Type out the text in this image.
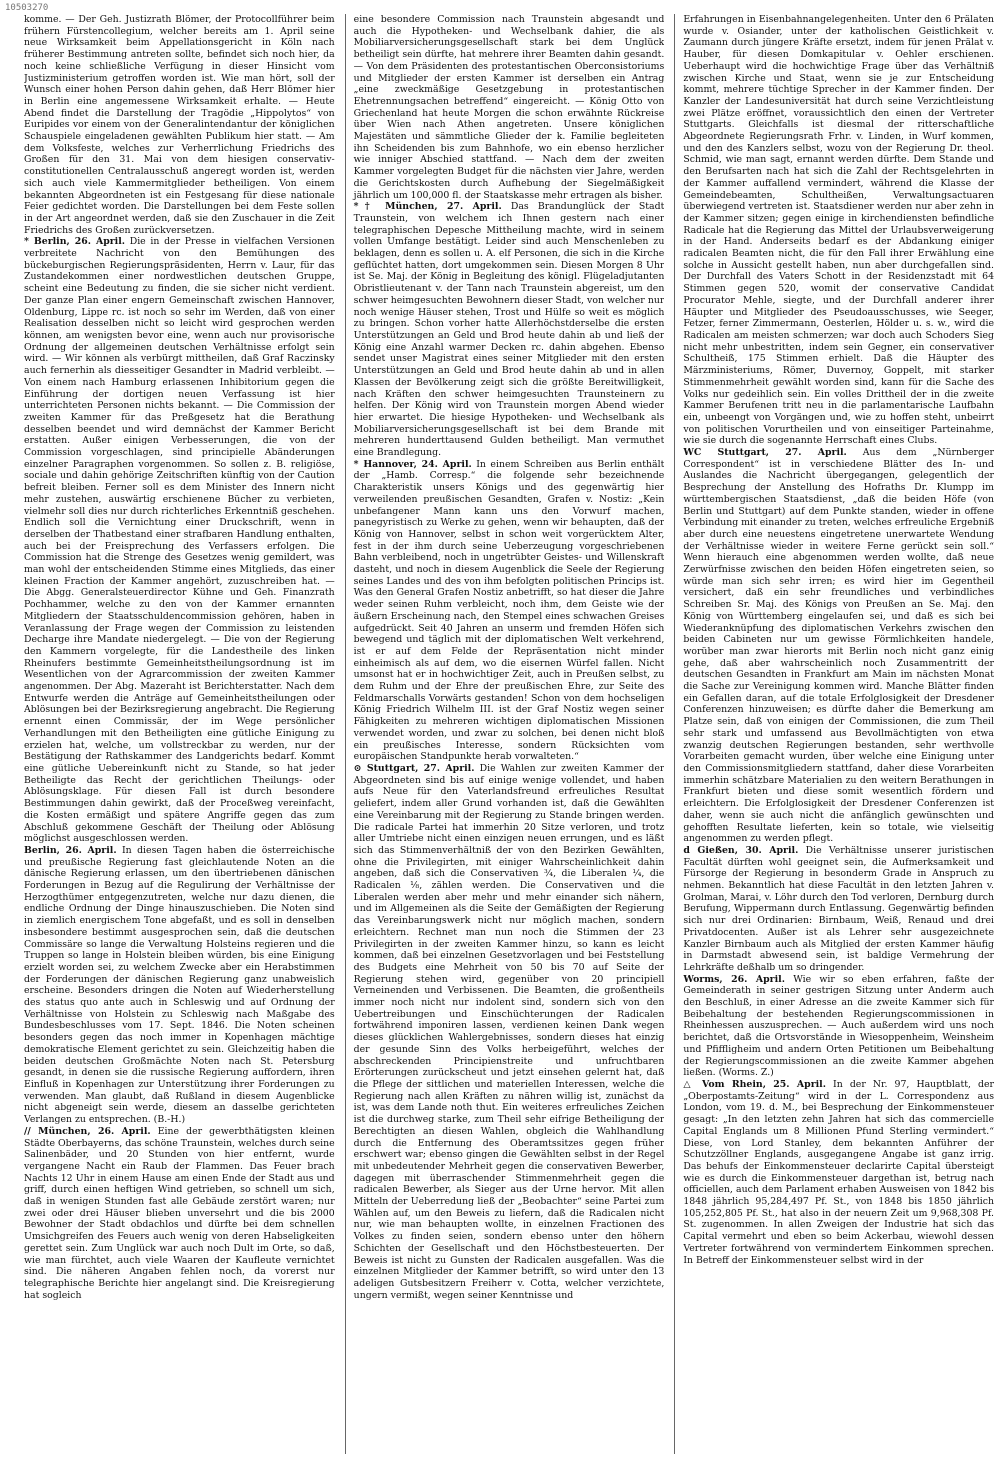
10503270

komme. — Der Geh. Justizrath Blömer, der Protocollführer beim frühern Fürstencollegium, welcher bereits am 1. April seine neue Wirksamkeit beim Appellationsgericht in Köln nach früherer Bestimmung antreten sollte, befindet sich noch hier, da noch keine schließliche Verfügung in dieser Hinsicht vom Justizministerium getroffen worden ist. Wie man hört, soll der Wunsch einer hohen Person dahin gehen, daß Herr Blömer hier in Berlin eine angemessene Wirksamkeit erhalte. — Heute Abend findet die Darstellung der Tragödie „Hippolytos“ von Euripides vor einem von der Generalintendantur der königlichen Schauspiele eingeladenen gewählten Publikum hier statt. — Am dem Volksfeste, welches zur Verherrlichung Friedrichs des Großen für den 31. Mai von dem hiesigen conservativ-constitutionellen Centralausschuß angeregt worden ist, werden sich auch viele Kammermitglieder betheiligen. Von einem bekannten Abgeordneten ist ein Festgesang für diese nationale Feier gedichtet worden. Die Darstellungen bei dem Feste sollen in der Art angeordnet werden, daß sie den Zuschauer in die Zeit Friedrichs des Großen zurückversetzen.

* Berlin, 26. April. Die in der Presse in vielfachen Versionen verbreitete Nachricht von den Bemühungen des bückeburgischen Regierungspräsidenten, Herrn v. Laur, für das Zustandekommen einer nordwestlichen deutschen Gruppe, scheint eine Bedeutung zu finden, die sie sicher nicht verdient. Der ganze Plan einer engern Gemeinschaft zwischen Hannover, Oldenburg, Lippe rc. ist noch so sehr im Werden, daß von einer Realisation desselben nicht so leicht wird gesprochen werden können, am wenigsten bevor eine, wenn auch nur provisorische Ordnung der allgemeinen deutschen Verhältnisse erfolgt sein wird. — Wir können als verbürgt mittheilen, daß Graf Raczinsky auch fernerhin als diesseitiger Gesandter in Madrid verbleibt. — Von einem nach Hamburg erlassenen Inhibitorium gegen die Einführung der dortigen neuen Verfassung ist hier unterrichteten Personen nichts bekannt. — Die Commission der zweiten Kammer für das Preßgesetz hat die Berathung desselben beendet und wird demnächst der Kammer Bericht erstatten. Außer einigen Verbesserungen, die von der Commission vorgeschlagen, sind principielle Abänderungen einzelner Paragraphen vorgenommen. So sollen z. B. religiöse, sociale und dahin gehörige Zeitschriften künftig von der Caution befreit bleiben. Ferner soll es dem Minister des Innern nicht mehr zustehen, auswärtig erschienene Bücher zu verbieten, vielmehr soll dies nur durch richterliches Erkenntniß geschehen. Endlich soll die Vernichtung einer Druckschrift, wenn in derselben der Thatbestand einer strafbaren Handlung enthalten, auch bei der Freisprechung des Verfassers erfolgen. Die Commission hat die Strenge des Gesetzes wenig gemildert, was man wohl der entscheidenden Stimme eines Mitglieds, das einer kleinen Fraction der Kammer angehört, zuzuschreiben hat. — Die Abgg. Generalsteuerdirector Kühne und Geh. Finanzrath Pochhammer, welche zu den von der Kammer ernannten Mitgliedern der Staatsschuldencommission gehören, haben in Veranlassung der Frage wegen der Commission zu leistenden Decharge ihre Mandate niedergelegt. — Die von der Regierung den Kammern vorgelegte, für die Landestheile des linken Rheinufers bestimmte Gemeinheitstheilungsordnung ist im Wesentlichen von der Agrarcommission der zweiten Kammer angenommen. Der Abg. Mazeraht ist Berichterstatter. Nach dem Entwurfe werden die Anträge auf Gemeinheitstheilungen oder Ablösungen bei der Bezirksregierung angebracht. Die Regierung ernennt einen Commissär, der im Wege persönlicher Verhandlungen mit den Betheiligten eine gütliche Einigung zu erzielen hat, welche, um vollstreckbar zu werden, nur der Bestätigung der Rathskammer des Landgerichts bedarf. Kommt eine gütliche Uebereinkunft nicht zu Stande, so hat jeder Betheiligte das Recht der gerichtlichen Theilungs- oder Ablösungsklage. Für diesen Fall ist durch besondere Bestimmungen dahin gewirkt, daß der Proceßweg vereinfacht, die Kosten ermäßigt und spätere Angriffe gegen das zum Abschluß gekommene Geschäft der Theilung oder Ablösung möglichst ausgeschlossen werden.

Berlin, 26. April. In diesen Tagen haben die österreichische und preußische Regierung fast gleichlautende Noten an die dänische Regierung erlassen, um den übertriebenen dänischen Forderungen in Bezug auf die Regulirung der Verhältnisse der Herzogthümer entgegenzutreten, welche nur dazu dienen, die endliche Ordnung der Dinge hinauszuschieben. Die Noten sind in ziemlich energischem Tone abgefaßt, und es soll in denselben insbesondere bestimmt ausgesprochen sein, daß die deutschen Commissäre so lange die Verwaltung Holsteins regieren und die Truppen so lange in Holstein bleiben würden, bis eine Einigung erzielt worden sei, zu welchem Zwecke aber ein Herabstimmen der Forderungen der dänischen Regierung ganz unabweislich erscheine. Besonders dringen die Noten auf Wiederherstellung des status quo ante auch in Schleswig und auf Ordnung der Verhältnisse von Holstein zu Schleswig nach Maßgabe des Bundesbeschlusses vom 17. Sept. 1846. Die Noten scheinen besonders gegen das noch immer in Kopenhagen mächtige demokratische Element gerichtet zu sein. Gleichzeitig haben die beiden deutschen Großmächte Noten nach St. Petersburg gesandt, in denen sie die russische Regierung auffordern, ihren Einfluß in Kopenhagen zur Unterstützung ihrer Forderungen zu verwenden. Man glaubt, daß Rußland in diesem Augenblicke nicht abgeneigt sein werde, diesem an dasselbe gerichteten Verlangen zu entsprechen. (B.-H.)

// München, 26. April. Eine der gewerbthätigsten kleinen Städte Oberbayerns, das schöne Traunstein, welches durch seine Salinenbäder, und 20 Stunden von hier entfernt, wurde vergangene Nacht ein Raub der Flammen. Das Feuer brach Nachts 12 Uhr in einem Hause am einen Ende der Stadt aus und griff, durch einen heftigen Wind getrieben, so schnell um sich, daß in wenigen Stunden fast alle Gebäude zerstört waren; nur zwei oder drei Häuser blieben unversehrt und die bis 2000 Bewohner der Stadt obdachlos und dürfte bei dem schnellen Umsichgreifen des Feuers auch wenig von deren Habseligkeiten gerettet sein. Zum Unglück war auch noch Dult im Orte, so daß, wie man fürchtet, auch viele Waaren der Kaufleute vernichtet sind. Die näheren Angaben fehlen noch, da vorerst nur telegraphische Berichte hier angelangt sind. Die Kreisregierung hat sogleich

eine besondere Commission nach Traunstein abgesandt und auch die Hypotheken- und Wechselbank dahier, die als Mobiliarversicherungsgesellschaft stark bei dem Unglück betheiligt sein dürfte, hat mehrere ihrer Beamten dahin gesandt. — Von dem Präsidenten des protestantischen Oberconsistoriums und Mitglieder der ersten Kammer ist derselben ein Antrag „eine zweckmäßige Gesetzgebung in protestantischen Ehetrennungsachen betreffend“ eingereicht. — König Otto von Griechenland hat heute Morgen die schon erwähnte Rückreise über Wien nach Athen angetreten. Unsere königlichen Majestäten und sämmtliche Glieder der k. Familie begleiteten ihn Scheidenden bis zum Bahnhofe, wo ein ebenso herzlicher wie inniger Abschied stattfand. — Nach dem der zweiten Kammer vorgelegten Budget für die nächsten vier Jahre, werden die Gerichtskosten durch Aufhebung der Siegelmäßigkeit jährlich um 100,000 fl. der Staatskasse mehr ertragen als bisher.

*† München, 27. April. Das Brandunglück der Stadt Traunstein, von welchem ich Ihnen gestern nach einer telegraphischen Depesche Mittheilung machte, wird in seinem vollen Umfange bestätigt. Leider sind auch Menschenleben zu beklagen, denn es sollen u. A. elf Personen, die sich in die Kirche geflüchtet hatten, dort umgekommen sein. Diesen Morgen 8 Uhr ist Se. Maj. der König in Begleitung des königl. Flügeladjutanten Obristlieutenant v. der Tann nach Traunstein abgereist, um den schwer heimgesuchten Bewohnern dieser Stadt, von welcher nur noch wenige Häuser stehen, Trost und Hülfe so weit es möglich zu bringen. Schon vorher hatte Allerhöchstderselbe die ersten Unterstützungen an Geld und Brod heute dahin ab und ließ der König eine Anzahl warmer Decken rc. dahin abgehen. Ebenso sendet unser Magistrat eines seiner Mitglieder mit den ersten Unterstützungen an Geld und Brod heute dahin ab und in allen Klassen der Bevölkerung zeigt sich die größte Bereitwilligkeit, nach Kräften den schwer heimgesuchten Traunsteinern zu helfen. Der König wird von Traunstein morgen Abend wieder hier erwartet. Die hiesige Hypotheken- und Wechselbank als Mobiliarversicherungsgesellschaft ist bei dem Brande mit mehreren hunderttausend Gulden betheiligt. Man vermuthet eine Brandlegung.

* Hannover, 24. April. In einem Schreiben aus Berlin enthält der „Hamb. Corresp.“ die folgende sehr bezeichnende Charakteristik unsers Königs und des gegenwärtig hier verweilenden preußischen Gesandten, Grafen v. Nostiz: „Kein unbefangener Mann kann uns den Vorwurf machen, panegyristisch zu Werke zu gehen, wenn wir behaupten, daß der König von Hannover, selbst in schon weit vorgerücktem Alter, fest in der ihm durch seine Ueberzeugung vorgeschriebenen Bahn verbleibend, noch in ungetrübter Geistes- und Willenskraft dasteht, und noch in diesem Augenblick die Seele der Regierung seines Landes und des von ihm befolgten politischen Princips ist. Was den General Grafen Nostiz anbetrifft, so hat dieser die Jahre weder seinen Ruhm verbleicht, noch ihm, dem Geiste wie der äußern Erscheinung nach, den Stempel eines schwachen Greises aufgedrückt. Seit 40 Jahren an unserm und fremden Höfen sich bewegend und täglich mit der diplomatischen Welt verkehrend, ist er auf dem Felde der Repräsentation nicht minder einheimisch als auf dem, wo die eisernen Würfel fallen. Nicht umsonst hat er in hochwichtiger Zeit, auch in Preußen selbst, zu dem Ruhm und der Ehre der preußischen Ehre, zur Seite des Feldmarschalls Vorwärts gestanden! Schon von dem hochseligen König Friedrich Wilhelm III. ist der Graf Nostiz wegen seiner Fähigkeiten zu mehreren wichtigen diplomatischen Missionen verwendet worden, und zwar zu solchen, bei denen nicht bloß ein preußisches Interesse, sondern Rücksichten vom europäischen Standpunkte herab vorwalteten.“

⊙ Stuttgart, 27. April. Die Wahlen zur zweiten Kammer der Abgeordneten sind bis auf einige wenige vollendet, und haben aufs Neue für den Vaterlandsfreund erfreuliches Resultat geliefert, indem aller Grund vorhanden ist, daß die Gewählten eine Vereinbarung mit der Regierung zu Stande bringen werden. Die radicale Partei hat immerhin 20 Sitze verloren, und trotz aller Umtriebe nicht einen einzigen neuen errungen, und es läßt sich das Stimmenverhältniß der von den Bezirken Gewählten, ohne die Privilegirten, mit einiger Wahrscheinlichkeit dahin angeben, daß sich die Conservativen ¾, die Liberalen ¼, die Radicalen ⅛, zählen werden. Die Conservativen und die Liberalen werden aber mehr und mehr einander sich nähern, und im Allgemeinen als die Seite der Gemäßigten der Regierung das Vereinbarungswerk nicht nur möglich machen, sondern erleichtern. Rechnet man nun noch die Stimmen der 23 Privilegirten in der zweiten Kammer hinzu, so kann es leicht kommen, daß bei einzelnen Gesetzvorlagen und bei Feststellung des Budgets eine Mehrheit von 50 bis 70 auf Seite der Regierung stehen wird, gegenüber von 20 principiell Verneinenden und Verbissenen. Die Beamten, die großentheils immer noch nicht nur indolent sind, sondern sich von den Uebertreibungen und Einschüchterungen der Radicalen fortwährend imponiren lassen, verdienen keinen Dank wegen dieses glücklichen Wahlergebnisses, sondern dieses hat einzig der gesunde Sinn des Volks herbeigeführt, welches der abschreckenden Principienstreite und unfruchtbaren Erörterungen zurückscheut und jetzt einsehen gelernt hat, daß die Pflege der sittlichen und materiellen Interessen, welche die Regierung nach allen Kräften zu nähren willig ist, zunächst da ist, was dem Lande noth thut. Ein weiteres erfreuliches Zeichen ist die durchweg starke, zum Theil sehr eifrige Betheiligung der Berechtigten an diesen Wahlen, obgleich die Wahlhandlung durch die Entfernung des Oberamtssitzes gegen früher erschwert war; ebenso gingen die Gewählten selbst in der Regel mit unbedeutender Mehrheit gegen die conservativen Bewerber, dagegen mit überraschender Stimmenmehrheit gegen die radicalen Bewerber, als Sieger aus der Urne hervor. Mit allen Mitteln der Ueberredung ließ der „Beobachter“ seine Partei zum Wählen auf, um den Beweis zu liefern, daß die Radicalen nicht nur, wie man behaupten wollte, in einzelnen Fractionen des Volkes zu finden seien, sondern ebenso unter den höhern Schichten der Gesellschaft und den Höchstbesteuerten. Der Beweis ist nicht zu Gunsten der Radicalen ausgefallen. Was die einzelnen Mitglieder der Kammer betrifft, so wird unter den 13 adeligen Gutsbesitzern Freiherr v. Cotta, welcher verzichtete, ungern vermißt, wegen seiner Kenntnisse und

Erfahrungen in Eisenbahnangelegenheiten. Unter den 6 Prälaten wurde v. Osiander, unter der katholischen Geistlichkeit v. Zaumann durch jüngere Kräfte ersetzt, indem für jenen Prälat v. Hauber, für diesen Domkapitular v. Oehler erschienen. Ueberhaupt wird die hochwichtige Frage über das Verhältniß zwischen Kirche und Staat, wenn sie je zur Entscheidung kommt, mehrere tüchtige Sprecher in der Kammer finden. Der Kanzler der Landesuniversität hat durch seine Verzichtleistung zwei Plätze eröffnet, voraussichtlich den einen der Vertreter Stuttgarts. Gleichfalls ist diesmal der ritterschaftliche Abgeordnete Regierungsrath Frhr. v. Linden, in Wurf kommen, und den des Kanzlers selbst, wozu von der Regierung Dr. theol. Schmid, wie man sagt, ernannt werden dürfte. Dem Stande und den Berufsarten nach hat sich die Zahl der Rechtsgelehrten in der Kammer auffallend vermindert, während die Klasse der Gemeindebeamten, Schultheißen, Verwaltungsactuaren überwiegend vertreten ist. Staatsdiener werden nur aber zehn in der Kammer sitzen; gegen einige in kirchendiensten befindliche Radicale hat die Regierung das Mittel der Urlaubsverweigerung in der Hand. Anderseits bedarf es der Abdankung einiger radicalen Beamten nicht, die für den Fall ihrer Erwählung eine solche in Aussicht gestellt haben, nun aber durchgefallen sind. Der Durchfall des Vaters Schott in der Residenzstadt mit 64 Stimmen gegen 520, womit der conservative Candidat Procurator Mehle, siegte, und der Durchfall anderer ihrer Häupter und Mitglieder des Pseudoausschusses, wie Seeger, Fetzer, ferner Zimmermann, Oesterlen, Hölder u. s. w., wird die Radicalen am meisten schmerzen; war doch auch Schoders Sieg nicht mehr unbestritten, indem sein Gegner, ein conservativer Schultheiß, 175 Stimmen erhielt. Daß die Häupter des Märzministeriums, Römer, Duvernoy, Goppelt, mit starker Stimmenmehrheit gewählt worden sind, kann für die Sache des Volks nur gedeihlich sein. Ein volles Drittheil der in die zweite Kammer Berufenen tritt neu in die parlamentarische Laufbahn ein, unbeengt von Vorgängen und, wie zu hoffen steht, unbeirrt von politischen Vorurtheilen und von einseitiger Parteinahme, wie sie durch die sogenannte Herrschaft eines Clubs.

WC Stuttgart, 27. April. Aus dem „Nürnberger Correspondent“ ist in verschiedene Blätter des In- und Auslandes die Nachricht übergegangen, gelegentlich der Besprechung der Anstellung des Hofraths Dr. Klumpp im württembergischen Staatsdienst, „daß die beiden Höfe (von Berlin und Stuttgart) auf dem Punkte standen, wieder in offene Verbindung mit einander zu treten, welches erfreuliche Ergebniß aber durch eine neuestens eingetretene unerwartete Wendung der Verhältnisse wieder in weitere Ferne gerückt sein soll.“ Wenn hierauch eine abgenommen werden wollte, daß neue Zerwürfnisse zwischen den beiden Höfen eingetreten seien, so würde man sich sehr irren; es wird hier im Gegentheil versichert, daß ein sehr freundliches und verbindliches Schreiben Sr. Maj. des Königs von Preußen an Se. Maj. den König von Württemberg eingelaufen sei, und daß es sich bei Wiederanknüpfung des diplomatischen Verkehrs zwischen den beiden Cabineten nur um gewisse Förmlichkeiten handele, worüber man zwar hierorts mit Berlin noch nicht ganz einig gehe, daß aber wahrscheinlich noch Zusammentritt der deutschen Gesandten in Frankfurt am Main im nächsten Monat die Sache zur Vereinigung kommen wird. Manche Blätter finden ein Gefallen daran, auf die totale Erfolglosigkeit der Dresdener Conferenzen hinzuweisen; es dürfte daher die Bemerkung am Platze sein, daß von einigen der Commissionen, die zum Theil sehr stark und umfassend aus Bevollmächtigten von etwa zwanzig deutschen Regierungen bestanden, sehr werthvolle Vorarbeiten gemacht wurden, über welche eine Einigung unter den Commissionsmitgliedern stattfand, daher diese Vorarbeiten immerhin schätzbare Materialien zu den weitern Berathungen in Frankfurt bieten und diese somit wesentlich fördern und erleichtern. Die Erfolglosigkeit der Dresdener Conferenzen ist daher, wenn sie auch nicht die anfänglich gewünschten und gehofften Resultate lieferten, kein so totale, wie vielseitig angenommen zu werden pflegt.

d Gießen, 30. April. Die Verhältnisse unserer juristischen Facultät dürften wohl geeignet sein, die Aufmerksamkeit und Fürsorge der Regierung in besonderm Grade in Anspruch zu nehmen. Bekanntlich hat diese Facultät in den letzten Jahren v. Grolman, Marai, v. Löhr durch den Tod verloren, Dernburg durch Berufung, Wippermann durch Entlassung. Gegenwärtig befinden sich nur drei Ordinarien: Birnbaum, Weiß, Renaud und drei Privatdocenten. Außer ist als Lehrer sehr ausgezeichnete Kanzler Birnbaum auch als Mitglied der ersten Kammer häufig in Darmstadt abwesend sein, ist baldige Vermehrung der Lehrkräfte deßhalb um so dringender.

Worms, 26. April. Wie wir so eben erfahren, faßte der Gemeinderath in seiner gestrigen Sitzung unter Anderm auch den Beschluß, in einer Adresse an die zweite Kammer sich für Beibehaltung der bestehenden Regierungscommissionen in Rheinhessen auszusprechen. — Auch außerdem wird uns noch berichtet, daß die Ortsvorstände in Wiesoppenheim, Weinsheim und Pfiffligheim und andern Orten Petitionen um Beibehaltung der Regierungscommissionen an die zweite Kammer abgehen ließen. (Worms. Z.)

△ Vom Rhein, 25. April. In der Nr. 97, Hauptblatt, der „Oberpostamts-Zeitung“ wird in der L. Correspondenz aus London, vom 19. d. M., bei Besprechung der Einkommensteuer gesagt: „In den letzten zehn Jahren hat sich das commercielle Capital Englands um 8 Millionen Pfund Sterling vermindert.“ Diese, von Lord Stanley, dem bekannten Anführer der Schutzzöllner Englands, ausgegangene Angabe ist ganz irrig. Das behufs der Einkommensteuer declarirte Capital übersteigt wie es durch die Einkommensteuer dargethan ist, betrug nach officiellen, auch dem Parlament erhaben Ausweisen von 1842 bis 1848 jährlich 95,284,497 Pf. St., von 1848 bis 1850 jährlich 105,252,805 Pf. St., hat also in der neuern Zeit um 9,968,308 Pf. St. zugenommen. In allen Zweigen der Industrie hat sich das Capital vermehrt und eben so beim Ackerbau, wiewohl dessen Vertreter fortwährend von vermindertem Einkommen sprechen. In Betreff der Einkommensteuer selbst wird in der
